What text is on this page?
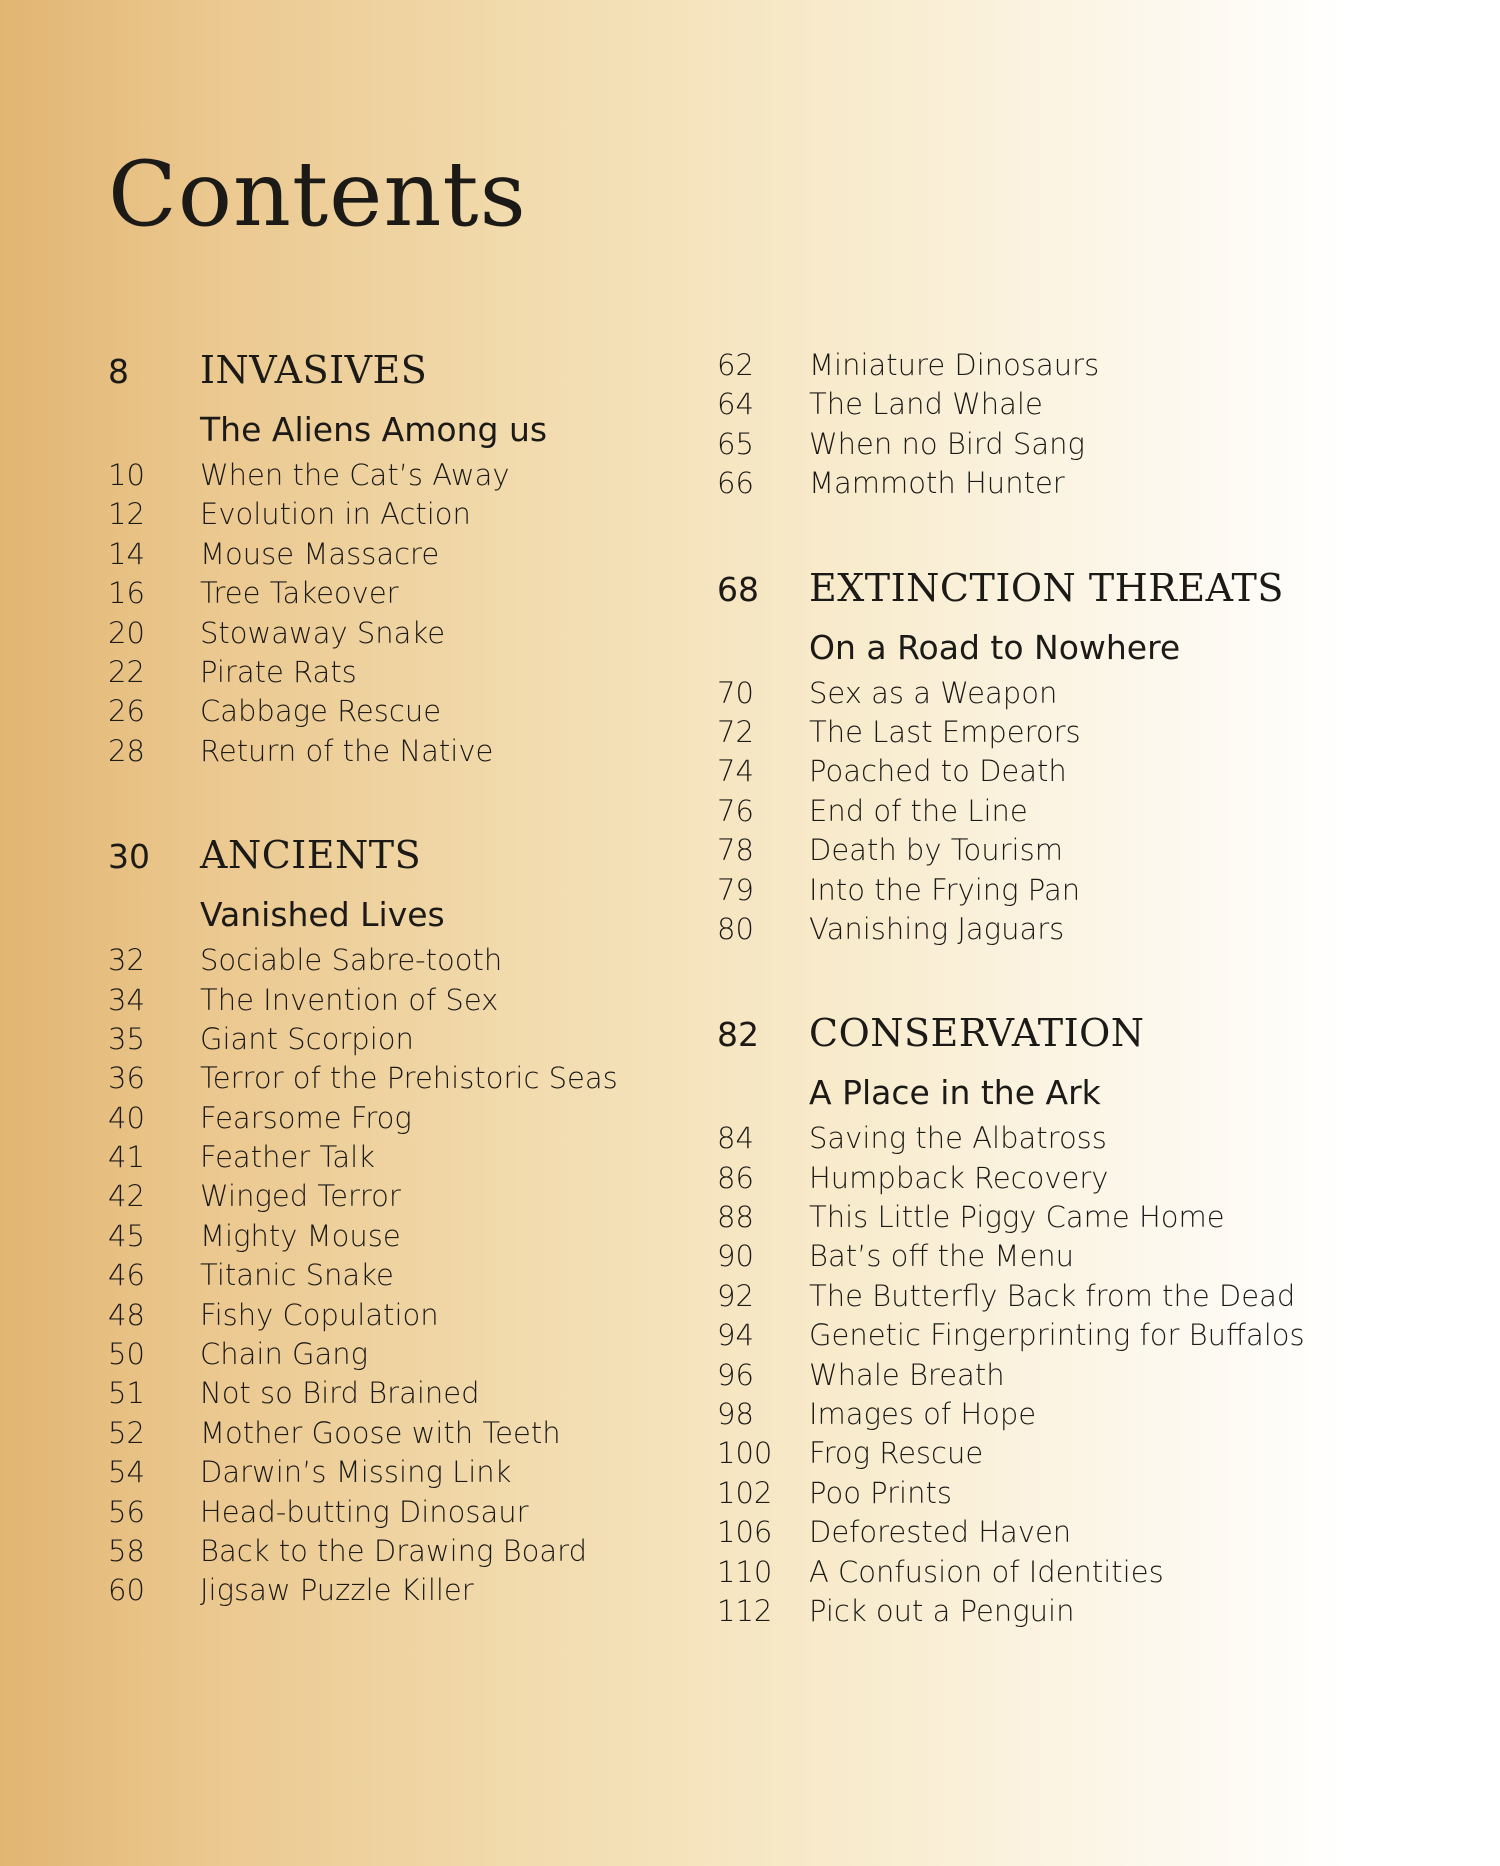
Contents
8	INVASIVES
The Aliens Among us
10	When the Cat’s Away
12	Evolution in Action
14	Mouse Massacre
16	Tree Takeover
20	Stowaway Snake
22	Pirate Rats
26	Cabbage Rescue
28	Return of the Native
30	ANCIENTS
Vanished Lives
32	Sociable Sabre-tooth
34	The Invention of Sex
35	Giant Scorpion
36	Terror of the Prehistoric Seas
40	Fearsome Frog
41	Feather Talk
42	Winged Terror
45	Mighty Mouse
46	Titanic Snake
48	Fishy Copulation
50	Chain Gang
51	Not so Bird Brained
52	Mother Goose with Teeth
54	Darwin’s Missing Link
56	Head-butting Dinosaur
58	Back to the Drawing Board
60	Jigsaw Puzzle Killer
62	Miniature Dinosaurs
64	The Land Whale
65	When no Bird Sang
66	Mammoth Hunter
68	EXTINCTION THREATS
On a Road to Nowhere
70	Sex as a Weapon
72	The Last Emperors
74	Poached to Death
76	End of the Line
78	Death by Tourism
79	Into the Frying Pan
80	Vanishing Jaguars
82	CONSERVATION
A Place in the Ark
84	Saving the Albatross
86	Humpback Recovery
88	This Little Piggy Came Home
90	Bat’s off the Menu
92	The Butterfly Back from the Dead
94	Genetic Fingerprinting for Buffalos
96	Whale Breath
98	Images of Hope
100	Frog Rescue
102	Poo Prints
106	Deforested Haven
110	A Confusion of Identities
112	Pick out a Penguin
